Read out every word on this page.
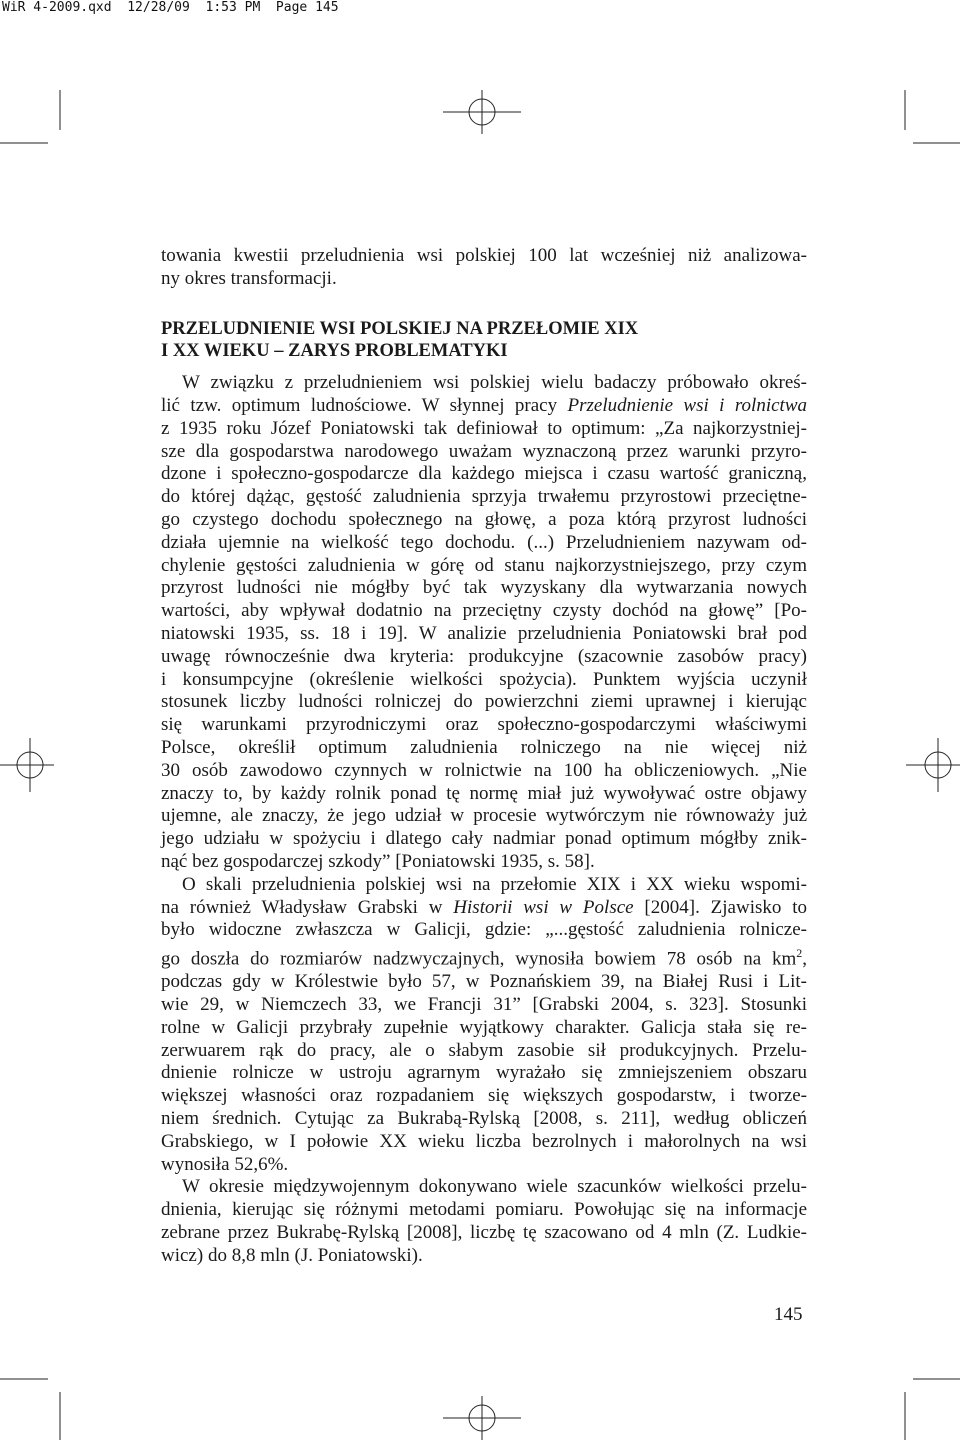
WiR 4-2009.qxd  12/28/09  1:53 PM  Page 145
towania kwestii przeludnienia wsi polskiej 100 lat wcześniej niż analizowa-
ny okres transformacji.
PRZELUDNIENIE WSI POLSKIEJ NA PRZEŁOMIE XIX
I XX WIEKU – ZARYS PROBLEMATYKI
W związku z przeludnieniem wsi polskiej wielu badaczy próbowało okreś-
lić tzw. optimum ludnościowe. W słynnej pracy Przeludnienie wsi i rolnictwa
z 1935 roku Józef Poniatowski tak definiował to optimum: „Za najkorzystniej-
sze dla gospodarstwa narodowego uważam wyznaczoną przez warunki przyro-
dzone i społeczno-gospodarcze dla każdego miejsca i czasu wartość graniczną,
do której dążąc, gęstość zaludnienia sprzyja trwałemu przyrostowi przeciętne-
go czystego dochodu społecznego na głowę, a poza którą przyrost ludności
działa ujemnie na wielkość tego dochodu. (...) Przeludnieniem nazywam od-
chylenie gęstości zaludnienia w górę od stanu najkorzystniejszego, przy czym
przyrost ludności nie mógłby być tak wyzyskany dla wytwarzania nowych
wartości, aby wpływał dodatnio na przeciętny czysty dochód na głowę” [Po-
niatowski 1935, ss. 18 i 19]. W analizie przeludnienia Poniatowski brał pod
uwagę równocześnie dwa kryteria: produkcyjne (szacownie zasobów pracy)
i konsumpcyjne (określenie wielkości spożycia). Punktem wyjścia uczynił
stosunek liczby ludności rolniczej do powierzchni ziemi uprawnej i kierując
się warunkami przyrodniczymi oraz społeczno-gospodarczymi właściwymi
Polsce, określił optimum zaludnienia rolniczego na nie więcej niż
30 osób zawodowo czynnych w rolnictwie na 100 ha obliczeniowych. „Nie
znaczy to, by każdy rolnik ponad tę normę miał już wywoływać ostre objawy
ujemne, ale znaczy, że jego udział w procesie wytwórczym nie równoważy już
jego udziału w spożyciu i dlatego cały nadmiar ponad optimum mógłby znik-
nąć bez gospodarczej szkody” [Poniatowski 1935, s. 58].
O skali przeludnienia polskiej wsi na przełomie XIX i XX wieku wspomi-
na również Władysław Grabski w Historii wsi w Polsce [2004]. Zjawisko to
było widoczne zwłaszcza w Galicji, gdzie: „...gęstość zaludnienia rolnicze-
go doszła do rozmiarów nadzwyczajnych, wynosiła bowiem 78 osób na $km^2$,
podczas gdy w Królestwie było 57, w Poznańskiem 39, na Białej Rusi i Lit-
wie 29, w Niemczech 33, we Francji 31” [Grabski 2004, s. 323]. Stosunki
rolne w Galicji przybrały zupełnie wyjątkowy charakter. Galicja stała się re-
zerwuarem rąk do pracy, ale o słabym zasobie sił produkcyjnych. Przelu-
dnienie rolnicze w ustroju agrarnym wyrażało się zmniejszeniem obszaru
większej własności oraz rozpadaniem się większych gospodarstw, i tworze-
niem średnich. Cytując za Bukrabą-Rylską [2008, s. 211], według obliczeń
Grabskiego, w I połowie XX wieku liczba bezrolnych i małorolnych na wsi
wynosiła 52,6%.
W okresie międzywojennym dokonywano wiele szacunków wielkości przelu-
dnienia, kierując się różnymi metodami pomiaru. Powołując się na informacje
zebrane przez Bukrabę-Rylską [2008], liczbę tę szacowano od 4 mln (Z. Ludkie-
wicz) do 8,8 mln (J. Poniatowski).
145
